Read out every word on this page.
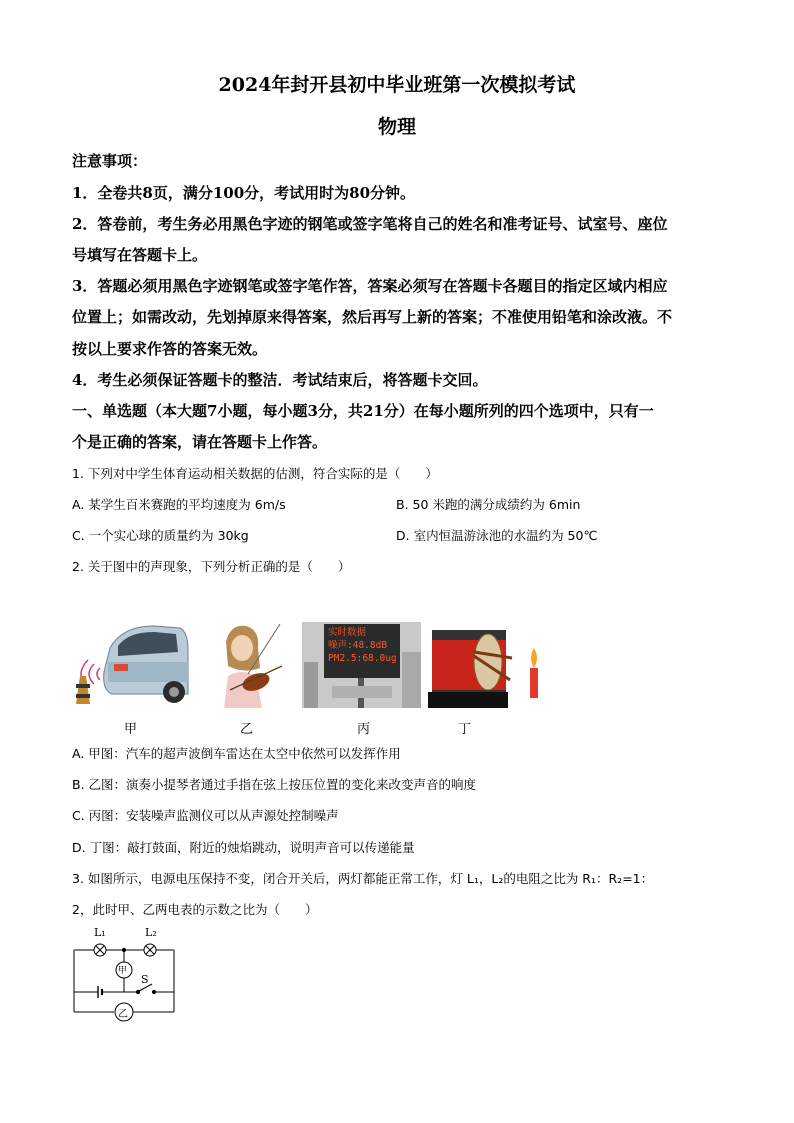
2024年封开县初中毕业班第一次模拟考试
物理
注意事项：
1．全卷共8页，满分100分，考试用时为80分钟。
2．答卷前，考生务必用黑色字迹的钢笔或签字笔将自己的姓名和准考证号、试室号、座位
号填写在答题卡上。
3．答题必须用黑色字迹钢笔或签字笔作答，答案必须写在答题卡各题目的指定区域内相应
位置上；如需改动，先划掉原来得答案，然后再写上新的答案；不准使用铅笔和涂改液。不
按以上要求作答的答案无效。
4．考生必须保证答题卡的整洁．考试结束后，将答题卡交回。
一、单选题（本大题7小题，每小题3分，共21分）在每小题所列的四个选项中，只有一
个是正确的答案，请在答题卡上作答。
1. 下列对中学生体育运动相关数据的估测，符合实际的是（　　）
A. 某学生百米赛跑的平均速度为 6m/s	B. 50 米跑的满分成绩约为 6min
C. 一个实心球的质量约为 30kg	D. 室内恒温游泳池的水温约为 50℃
2. 关于图中的声现象，下列分析正确的是（　　）
实时数据
噪声:48.8dB
PM2.5:68.0ug
甲	乙	丙	丁
A. 甲图：汽车的超声波倒车雷达在太空中依然可以发挥作用
B. 乙图：演奏小提琴者通过手指在弦上按压位置的变化来改变声音的响度
C. 丙图：安装噪声监测仪可以从声源处控制噪声
D. 丁图：敲打鼓面，附近的烛焰跳动，说明声音可以传递能量
3. 如图所示，电源电压保持不变，闭合开关后，两灯都能正常工作，灯 L₁，L₂的电阻之比为 R₁：R₂=1：
2，此时甲、乙两电表的示数之比为（　　）
L₁	L₂
甲
乙
S
